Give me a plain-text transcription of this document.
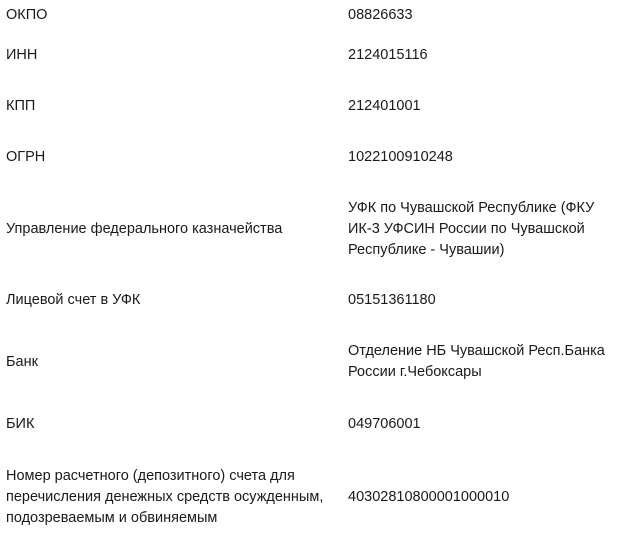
ОКПО	08826633
ИНН	2124015116
КПП	212401001
ОГРН	1022100910248
Управление федерального казначейства	УФК по Чувашской Республике (ФКУ ИК-3 УФСИН России по Чувашской Республике - Чувашии)
Лицевой счет в УФК	05151361180
Банк	Отделение НБ Чувашской Респ.Банка России г.Чебоксары
БИК	049706001
Номер расчетного (депозитного) счета для перечисления денежных средств осужденным, подозреваемым и обвиняемым	40302810800001000010
